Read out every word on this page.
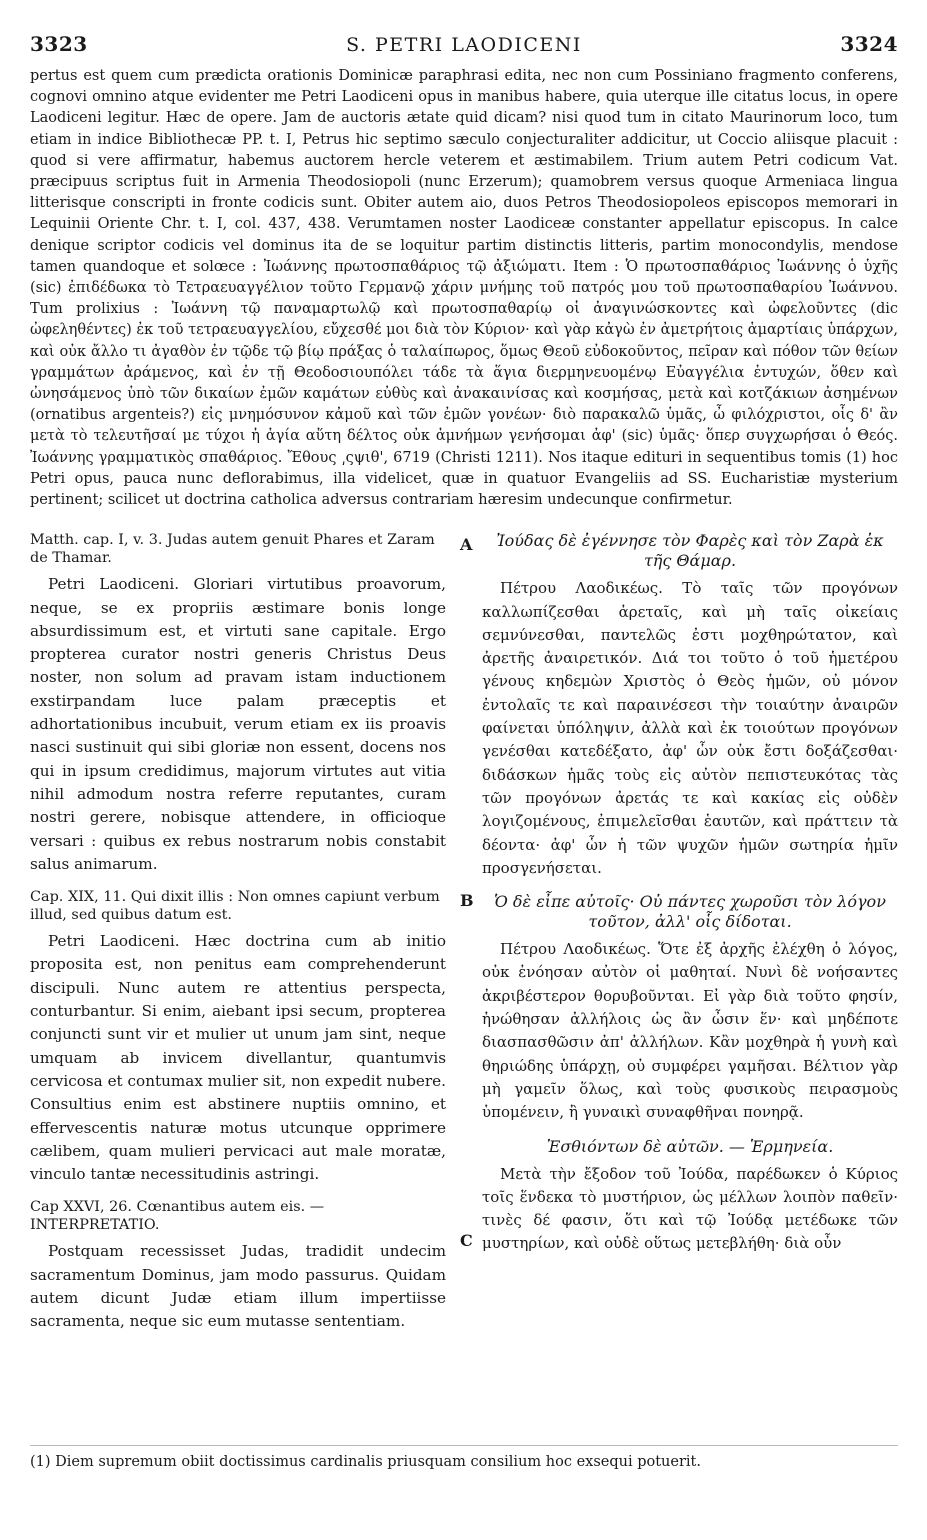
3323	S. PETRI LAODICENI	3324

pertus est quem cum prædicta orationis Dominicæ paraphrasi edita, nec non cum Possiniano fragmento conferens, cognovi omnino atque evidenter me Petri Laodiceni opus in manibus habere, quia uterque ille citatus locus, in opere Laodiceni legitur. Hæc de opere. Jam de auctoris ætate quid dicam? nisi quod tum in citato Maurinorum loco, tum etiam in indice Bibliothecæ PP. t. I, Petrus hic septimo sæculo conjecturaliter addicitur, ut Coccio aliisque placuit : quod si vere affirmatur, habemus auctorem hercle veterem et æstimabilem. Trium autem Petri codicum Vat. præcipuus scriptus fuit in Armenia Theodosiopoli (nunc Erzerum); quamobrem versus quoque Armeniaca lingua litterisque conscripti in fronte codicis sunt. Obiter autem aio, duos Petros Theodosiopoleos episcopos memorari in Lequinii Oriente Chr. t. I, col. 437, 438. Verumtamen noster Laodiceæ constanter appellatur episcopus. In calce denique scriptor codicis vel dominus ita de se loquitur partim distinctis litteris, partim monocondylis, mendose tamen quandoque et solœce : Ἰωάννης πρωτοσπαθάριος τῷ ἀξιώματι. Item : Ὁ πρωτοσπαθάριος Ἰωάννης ὁ ὑχῆς (sic) ἐπιδέδωκα τὸ Τετραευαγγέλιον τοῦτο Γερμανῷ χάριν μνήμης τοῦ πατρός μου τοῦ πρωτοσπαθαρίου Ἰωάννου. Tum prolixius : Ἰωάννη τῷ παναμαρτωλῷ καὶ πρωτοσπαθαρίῳ οἱ ἀναγινώσκοντες καὶ ὠφελοῦντες (dic ὠφεληθέντες) ἐκ τοῦ τετραευαγγελίου, εὔχεσθέ μοι διὰ τὸν Κύριον· καὶ γὰρ κἀγὼ ἐν ἀμετρήτοις ἁμαρτίαις ὑπάρχων, καὶ οὐκ ἄλλο τι ἀγαθὸν ἐν τῷδε τῷ βίῳ πράξας ὁ ταλαίπωρος, ὅμως Θεοῦ εὐδοκοῦντος, πεῖραν καὶ πόθον τῶν θείων γραμμάτων ἀράμενος, καὶ ἐν τῇ Θεοδοσιουπόλει τάδε τὰ ἅγια διερμηνευομένῳ Εὐαγγέλια ἐντυχών, ὅθεν καὶ ὠνησάμενος ὑπὸ τῶν δικαίων ἐμῶν καμάτων εὐθὺς καὶ ἀνακαινίσας καὶ κοσμήσας, μετὰ καὶ κοτζάκιων ἀσημένων (ornatibus argenteis?) εἰς μνημόσυνον κἀμοῦ καὶ τῶν ἐμῶν γονέων· διὸ παρακαλῶ ὑμᾶς, ὦ φιλόχριστοι, οἷς δ' ἂν μετὰ τὸ τελευτῆσαί με τύχοι ἡ ἁγία αὕτη δέλτος οὐκ ἀμνήμων γενήσομαι ἀφ' (sic) ὑμᾶς· ὅπερ συγχωρήσαι ὁ Θεός. Ἰωάννης γραμματικὸς σπαθάριος. Ἔθους ͵ςψιθ', 6719 (Christi 1211). Nos itaque edituri in sequentibus tomis (1) hoc Petri opus, pauca nunc deflorabimus, illa videlicet, quæ in quatuor Evangeliis ad SS. Eucharistiæ mysterium pertinent; scilicet ut doctrina catholica adversus contrariam hæresim undecunque confirmetur.

Matth. cap. I, v. 3. Judas autem genuit Phares et Zaram de Thamar.

Petri Laodiceni. Gloriari virtutibus proavorum, neque, se ex propriis æstimare bonis longe absurdissimum est, et virtuti sane capitale. Ergo propterea curator nostri generis Christus Deus noster, non solum ad pravam istam inductionem exstirpandam luce palam præceptis et adhortationibus incubuit, verum etiam ex iis proavis nasci sustinuit qui sibi gloriæ non essent, docens nos qui in ipsum credidimus, majorum virtutes aut vitia nihil admodum nostra referre reputantes, curam nostri gerere, nobisque attendere, in officioque versari : quibus ex rebus nostrarum nobis constabit salus animarum.

Cap. XIX, 11. Qui dixit illis : Non omnes capiunt verbum illud, sed quibus datum est.

Petri Laodiceni. Hæc doctrina cum ab initio proposita est, non penitus eam comprehenderunt discipuli. Nunc autem re attentius perspecta, conturbantur. Si enim, aiebant ipsi secum, propterea conjuncti sunt vir et mulier ut unum jam sint, neque umquam ab invicem divellantur, quantumvis cervicosa et contumax mulier sit, non expedit nubere. Consultius enim est abstinere nuptiis omnino, et effervescentis naturæ motus utcunque opprimere cælibem, quam mulieri pervicaci aut male moratæ, vinculo tantæ necessitudinis astringi.

Cap XXVI, 26. Cœnantibus autem eis. — INTERPRETATIO.

Postquam recessisset Judas, tradidit undecim sacramentum Dominus, jam modo passurus. Quidam autem dicunt Judæ etiam illum impertiisse sacramenta, neque sic eum mutasse sententiam.

A
B
C
Ἰούδας δὲ ἐγέννησε τὸν Φαρὲς καὶ τὸν Ζαρὰ ἐκ τῆς Θάμαρ.

Πέτρου Λαοδικέως. Τὸ ταῖς τῶν προγόνων καλλωπίζεσθαι ἀρεταῖς, καὶ μὴ ταῖς οἰκείαις σεμνύνεσθαι, παντελῶς ἐστι μοχθηρώτατον, καὶ ἀρετῆς ἀναιρετικόν. Διά τοι τοῦτο ὁ τοῦ ἡμετέρου γένους κηδεμὼν Χριστὸς ὁ Θεὸς ἡμῶν, οὐ μόνον ἐντολαῖς τε καὶ παραινέσεσι τὴν τοιαύτην ἀναιρῶν φαίνεται ὑπόληψιν, ἀλλὰ καὶ ἐκ τοιούτων προγόνων γενέσθαι κατεδέξατο, ἀφ' ὧν οὐκ ἔστι δοξάζεσθαι· διδάσκων ἡμᾶς τοὺς εἰς αὐτὸν πεπιστευκότας τὰς τῶν προγόνων ἀρετάς τε καὶ κακίας εἰς οὐδὲν λογιζομένους, ἐπιμελεῖσθαι ἑαυτῶν, καὶ πράττειν τὰ δέοντα· ἀφ' ὧν ἡ τῶν ψυχῶν ἡμῶν σωτηρία ἡμῖν προσγενήσεται.

Ὁ δὲ εἶπε αὐτοῖς· Οὐ πάντες χωροῦσι τὸν λόγον τοῦτον, ἀλλ' οἷς δίδοται.

Πέτρου Λαοδικέως. Ὅτε ἐξ ἀρχῆς ἐλέχθη ὁ λόγος, οὐκ ἐνόησαν αὐτὸν οἱ μαθηταί. Νυνὶ δὲ νοήσαντες ἀκριβέστερον θορυβοῦνται. Εἰ γὰρ διὰ τοῦτο φησίν, ἡνώθησαν ἀλλήλοις ὡς ἂν ὦσιν ἕν· καὶ μηδέποτε διασπασθῶσιν ἀπ' ἀλλήλων. Κἂν μοχθηρὰ ἡ γυνὴ καὶ θηριώδης ὑπάρχῃ, οὐ συμφέρει γαμῆσαι. Βέλτιον γὰρ μὴ γαμεῖν ὅλως, καὶ τοὺς φυσικοὺς πειρασμοὺς ὑπομένειν, ἢ γυναικὶ συναφθῆναι πονηρᾷ.

Ἐσθιόντων δὲ αὐτῶν. — Ἑρμηνεία.

Μετὰ τὴν ἔξοδον τοῦ Ἰούδα, παρέδωκεν ὁ Κύριος τοῖς ἕνδεκα τὸ μυστήριον, ὡς μέλλων λοιπὸν παθεῖν· τινὲς δέ φασιν, ὅτι καὶ τῷ Ἰούδᾳ μετέδωκε τῶν μυστηρίων, καὶ οὐδὲ οὕτως μετεβλήθη· διὰ οὖν

(1) Diem supremum obiit doctissimus cardinalis priusquam consilium hoc exsequi potuerit.
